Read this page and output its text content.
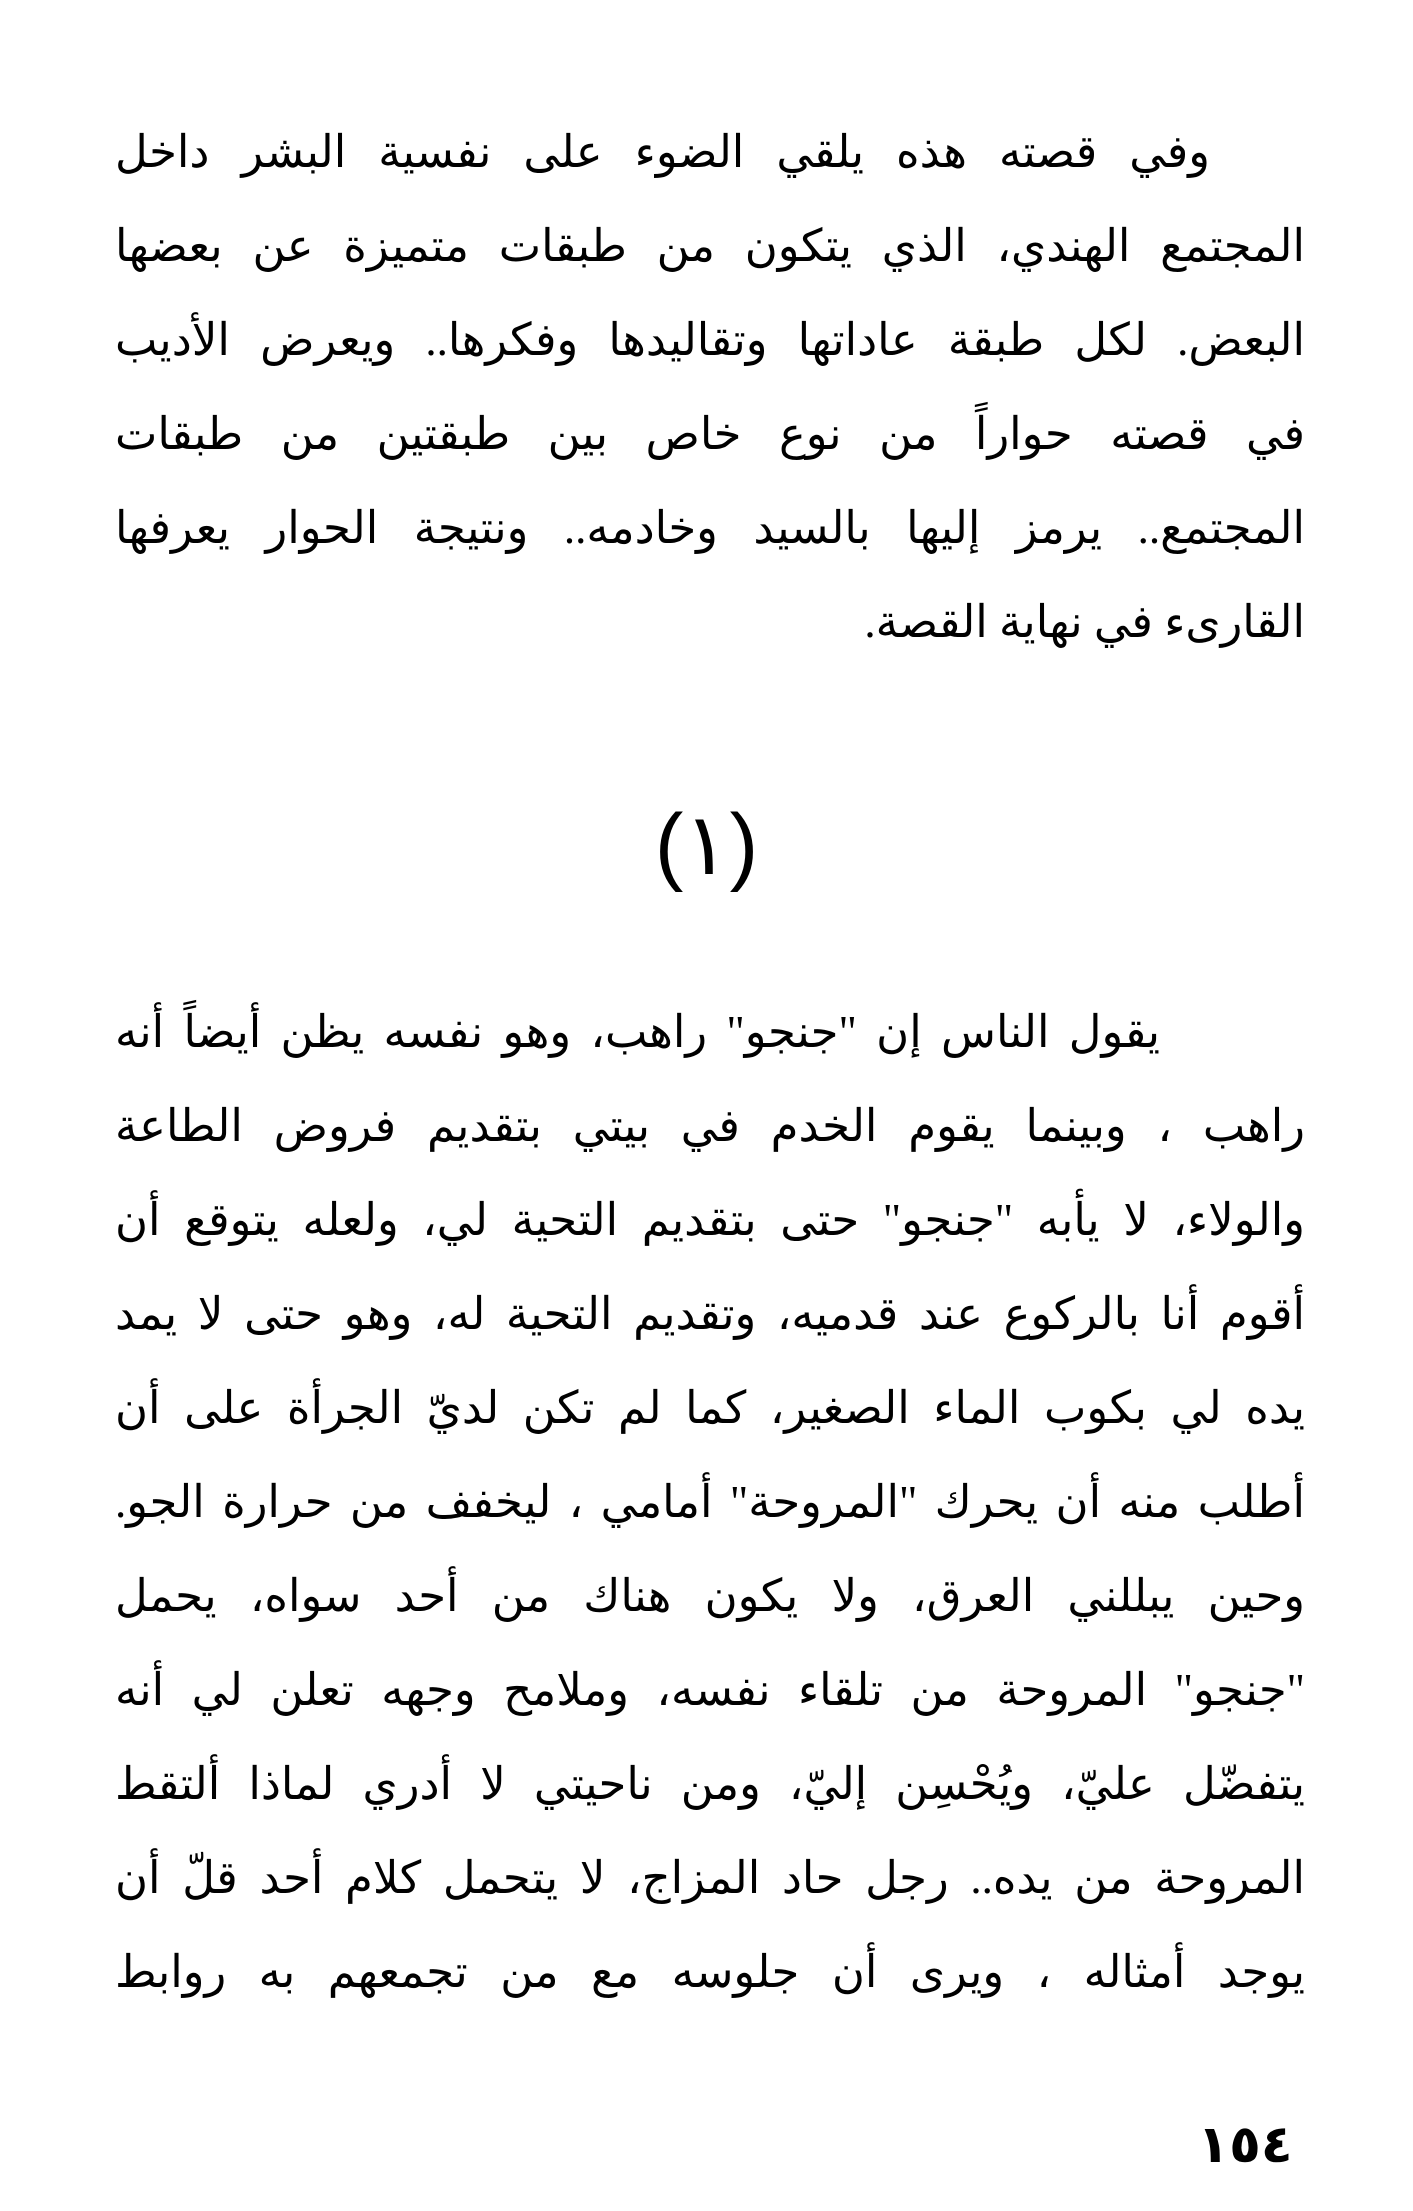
وفي قصته هذه يلقي الضوء على نفسية البشر داخل
المجتمع الهندي، الذي يتكون من طبقات متميزة عن بعضها
البعض. لكل طبقة عاداتها وتقاليدها وفكرها.. ويعرض الأديب
في قصته حواراً من نوع خاص بين طبقتين من طبقات
المجتمع.. يرمز إليها بالسيد وخادمه.. ونتيجة الحوار يعرفها
القارىء في نهاية القصة.
(١)
يقول الناس إن "جنجو" راهب، وهو نفسه يظن أيضاً أنه
راهب ، وبينما يقوم الخدم في بيتي بتقديم فروض الطاعة
والولاء، لا يأبه "جنجو" حتى بتقديم التحية لي، ولعله يتوقع أن
أقوم أنا بالركوع عند قدميه، وتقديم التحية له، وهو حتى لا يمد
يده لي بكوب الماء الصغير، كما لم تكن لديّ الجرأة على أن
أطلب منه أن يحرك "المروحة" أمامي ، ليخفف من حرارة الجو.
وحين يبللني العرق، ولا يكون هناك من أحد سواه، يحمل
"جنجو" المروحة من تلقاء نفسه، وملامح وجهه تعلن لي أنه
يتفضّل عليّ، ويُحْسِن إليّ، ومن ناحيتي لا أدري لماذا ألتقط
المروحة من يده.. رجل حاد المزاج، لا يتحمل كلام أحد قلّ أن
يوجد أمثاله ، ويرى أن جلوسه مع من تجمعهم به روابط
١٥٤
